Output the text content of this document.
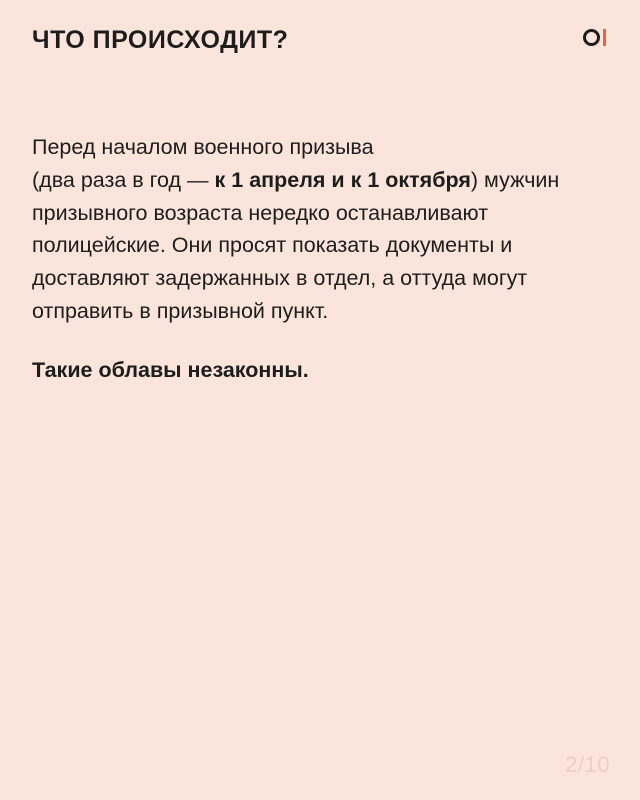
ЧТО ПРОИСХОДИТ?

Перед началом военного призыва
(два раза в год — к 1 апреля и к 1 октября) мужчин призывного возраста нередко останавливают полицейские. Они просят показать документы и доставляют задержанных в отдел, а оттуда могут отправить в призывной пункт.

Такие облавы незаконны.

2/10
